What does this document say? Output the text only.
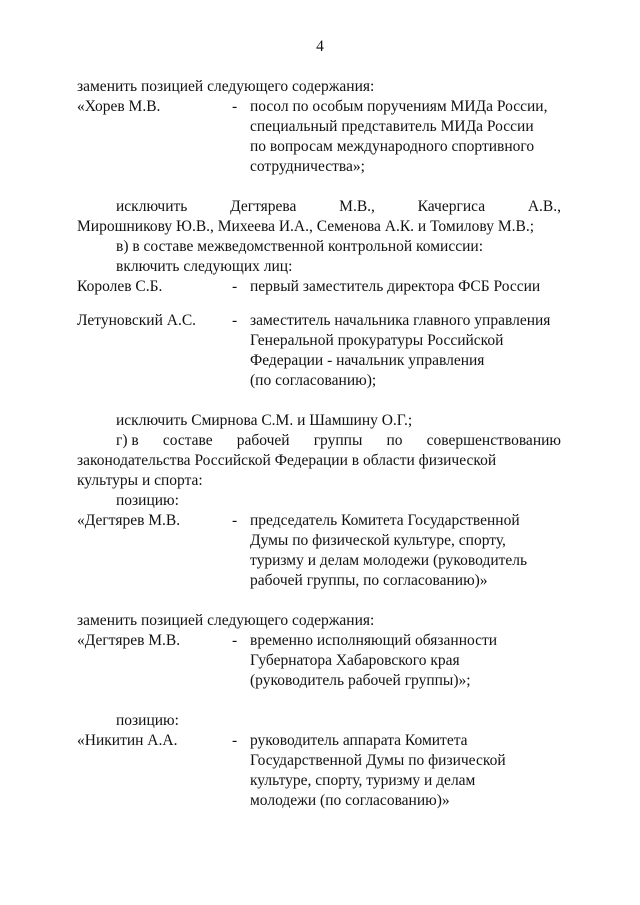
4
заменить позицией следующего содержания:
«Хорев М.В.	- посол по особым поручениям МИДа России,
специальный представитель МИДа России
по вопросам международного спортивного
сотрудничества»;
исключить	Дегтярева	М.В.,	Качергиса	А.В.,
Мирошникову Ю.В., Михеева И.А., Семенова А.К. и Томилову М.В.;
в) в составе межведомственной контрольной комиссии:
включить следующих лиц:
Королев С.Б.	- первый заместитель директора ФСБ России
Летуновский А.С.	- заместитель начальника главного управления
Генеральной прокуратуры Российской
Федерации - начальник управления
(по согласованию);
исключить Смирнова С.М. и Шамшину О.Г.;
г) в составе рабочей группы по совершенствованию
законодательства Российской Федерации в области физической
культуры и спорта:
позицию:
«Дегтярев М.В.	- председатель Комитета Государственной
Думы по физической культуре, спорту,
туризму и делам молодежи (руководитель
рабочей группы, по согласованию)»
заменить позицией следующего содержания:
«Дегтярев М.В.	- временно исполняющий обязанности
Губернатора Хабаровского края
(руководитель рабочей группы)»;
позицию:
«Никитин А.А.	- руководитель аппарата Комитета
Государственной Думы по физической
культуре, спорту, туризму и делам
молодежи (по согласованию)»
